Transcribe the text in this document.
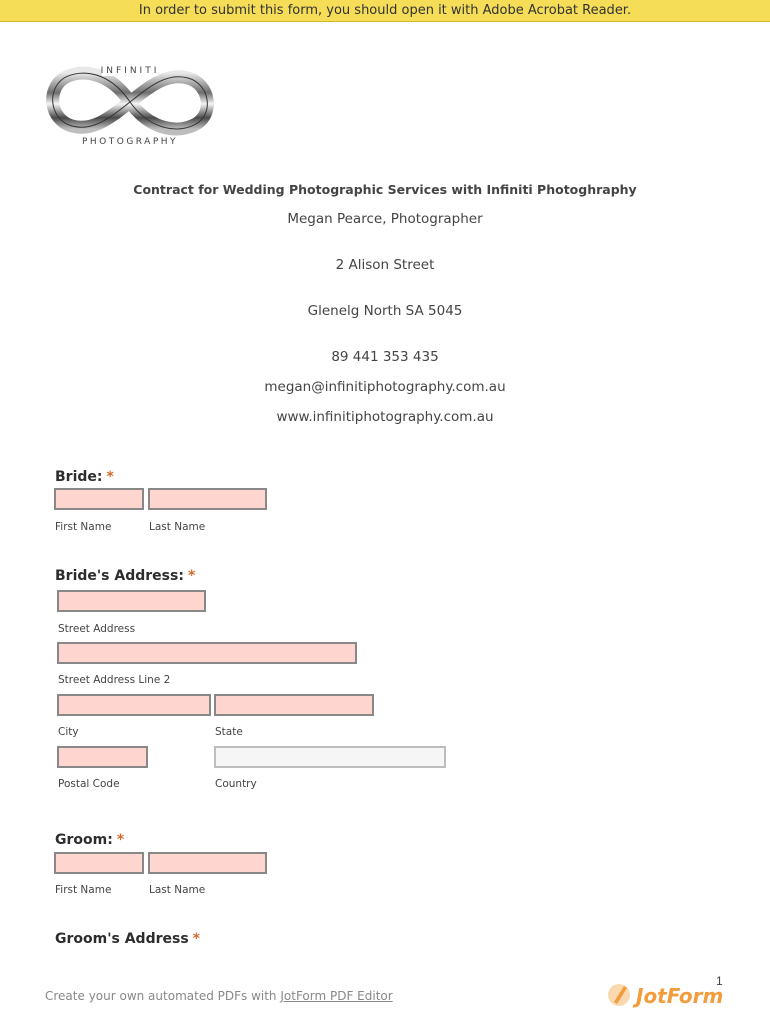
In order to submit this form, you should open it with Adobe Acrobat Reader.
INFINITI
PHOTOGRAPHY
Contract for Wedding Photographic Services with Infiniti Photoghraphy
Megan Pearce, Photographer
2 Alison Street
Glenelg North SA 5045
89 441 353 435
megan@infinitiphotography.com.au
www.infinitiphotography.com.au
Bride: *
First Name	Last Name
Bride's Address: *
Street Address
Street Address Line 2
City	State
Postal Code	Country
Groom: *
First Name	Last Name
Groom's Address *
Create your own automated PDFs with JotForm PDF Editor
1
JotForm
